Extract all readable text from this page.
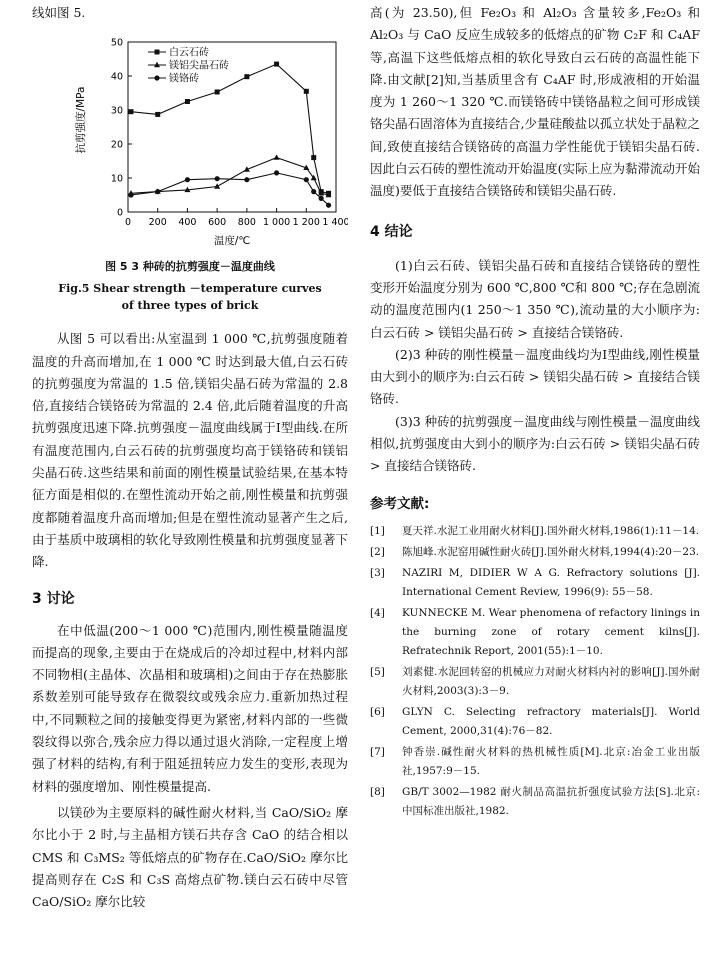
线如图 5.

0
10
20
30
40
50
0 200 400 600 800 1 000 1 200 1 400
白云石砖
镁铝尖晶石砖
镁铬砖
抗剪强度/MPa
温度/℃
图 5 3 种砖的抗剪强度－温度曲线
Fig.5 Shear strength －temperature curves
of three types of brick

从图 5 可以看出:从室温到 1 000 ℃,抗剪强度随着温度的升高而增加,在 1 000 ℃ 时达到最大值,白云石砖的抗剪强度为常温的 1.5 倍,镁铝尖晶石砖为常温的 2.8 倍,直接结合镁铬砖为常温的 2.4 倍,此后随着温度的升高抗剪强度迅速下降.抗剪强度－温度曲线属于Ⅰ型曲线.在所有温度范围内,白云石砖的抗剪强度均高于镁铬砖和镁铝尖晶石砖.这些结果和前面的刚性模量试验结果,在基本特征方面是相似的.在塑性流动开始之前,刚性模量和抗剪强度都随着温度升高而增加;但是在塑性流动显著产生之后,由于基质中玻璃相的软化导致刚性模量和抗剪强度显著下降.

3 讨论

在中低温(200～1 000 ℃)范围内,刚性模量随温度而提高的现象,主要由于在烧成后的冷却过程中,材料内部不同物相(主晶体、次晶相和玻璃相)之间由于存在热膨胀系数差别可能导致存在微裂纹或残余应力.重新加热过程中,不同颗粒之间的接触变得更为紧密,材料内部的一些微裂纹得以弥合,残余应力得以通过退火消除,一定程度上增强了材料的结构,有利于阻延扭转应力发生的变形,表现为材料的强度增加、刚性模量提高.

以镁砂为主要原料的碱性耐火材料,当 CaO/SiO₂ 摩尔比小于 2 时,与主晶相方镁石共存含 CaO 的结合相以 CMS 和 C₃MS₂ 等低熔点的矿物存在.CaO/SiO₂ 摩尔比提高则存在 C₂S 和 C₃S 高熔点矿物.镁白云石砖中尽管 CaO/SiO₂ 摩尔比较

高(为 23.50),但 Fe₂O₃ 和 Al₂O₃ 含量较多,Fe₂O₃ 和 Al₂O₃ 与 CaO 反应生成较多的低熔点的矿物 C₂F 和 C₄AF 等,高温下这些低熔点相的软化导致白云石砖的高温性能下降.由文献[2]知,当基质里含有 C₄AF 时,形成液相的开始温度为 1 260～1 320 ℃.而镁铬砖中镁铬晶粒之间可形成镁铬尖晶石固溶体为直接结合,少量硅酸盐以孤立状处于晶粒之间,致使直接结合镁铬砖的高温力学性能优于镁铝尖晶石砖.因此白云石砖的塑性流动开始温度(实际上应为黏滞流动开始温度)要低于直接结合镁铬砖和镁铝尖晶石砖.

4 结论

(1)白云石砖、镁铝尖晶石砖和直接结合镁铬砖的塑性变形开始温度分别为 600 ℃,800 ℃和 800 ℃;存在急剧流动的温度范围内(1 250～1 350 ℃),流动量的大小顺序为:白云石砖 > 镁铝尖晶石砖 > 直接结合镁铬砖.

(2)3 种砖的刚性模量－温度曲线均为Ⅰ型曲线,刚性模量由大到小的顺序为:白云石砖 > 镁铝尖晶石砖 > 直接结合镁铬砖.

(3)3 种砖的抗剪强度－温度曲线与刚性模量－温度曲线相似,抗剪强度由大到小的顺序为:白云石砖 > 镁铝尖晶石砖 > 直接结合镁铬砖.

参考文献:
[1]	夏天祥.水泥工业用耐火材料[J].国外耐火材料,1986(1):11－14.
[2]	陈旭峰.水泥窑用碱性耐火砖[J].国外耐火材料,1994(4):20－23.
[3]	NAZIRI M, DIDIER W A G. Refractory solutions [J]. International Cement Review, 1996(9): 55－58.
[4]	KUNNECKE M. Wear phenomena of refactory linings in the burning zone of rotary cement kilns[J]. Refratechnik Report, 2001(55):1－10.
[5]	刘素健.水泥回转窑的机械应力对耐火材料内衬的影响[J].国外耐火材料,2003(3):3－9.
[6]	GLYN C. Selecting refractory materials[J]. World Cement, 2000,31(4):76－82.
[7]	钟香崇.碱性耐火材料的热机械性质[M].北京:冶金工业出版社,1957:9－15.
[8]	GB/T 3002—1982 耐火制品高温抗折强度试验方法[S].北京:中国标准出版社,1982.
